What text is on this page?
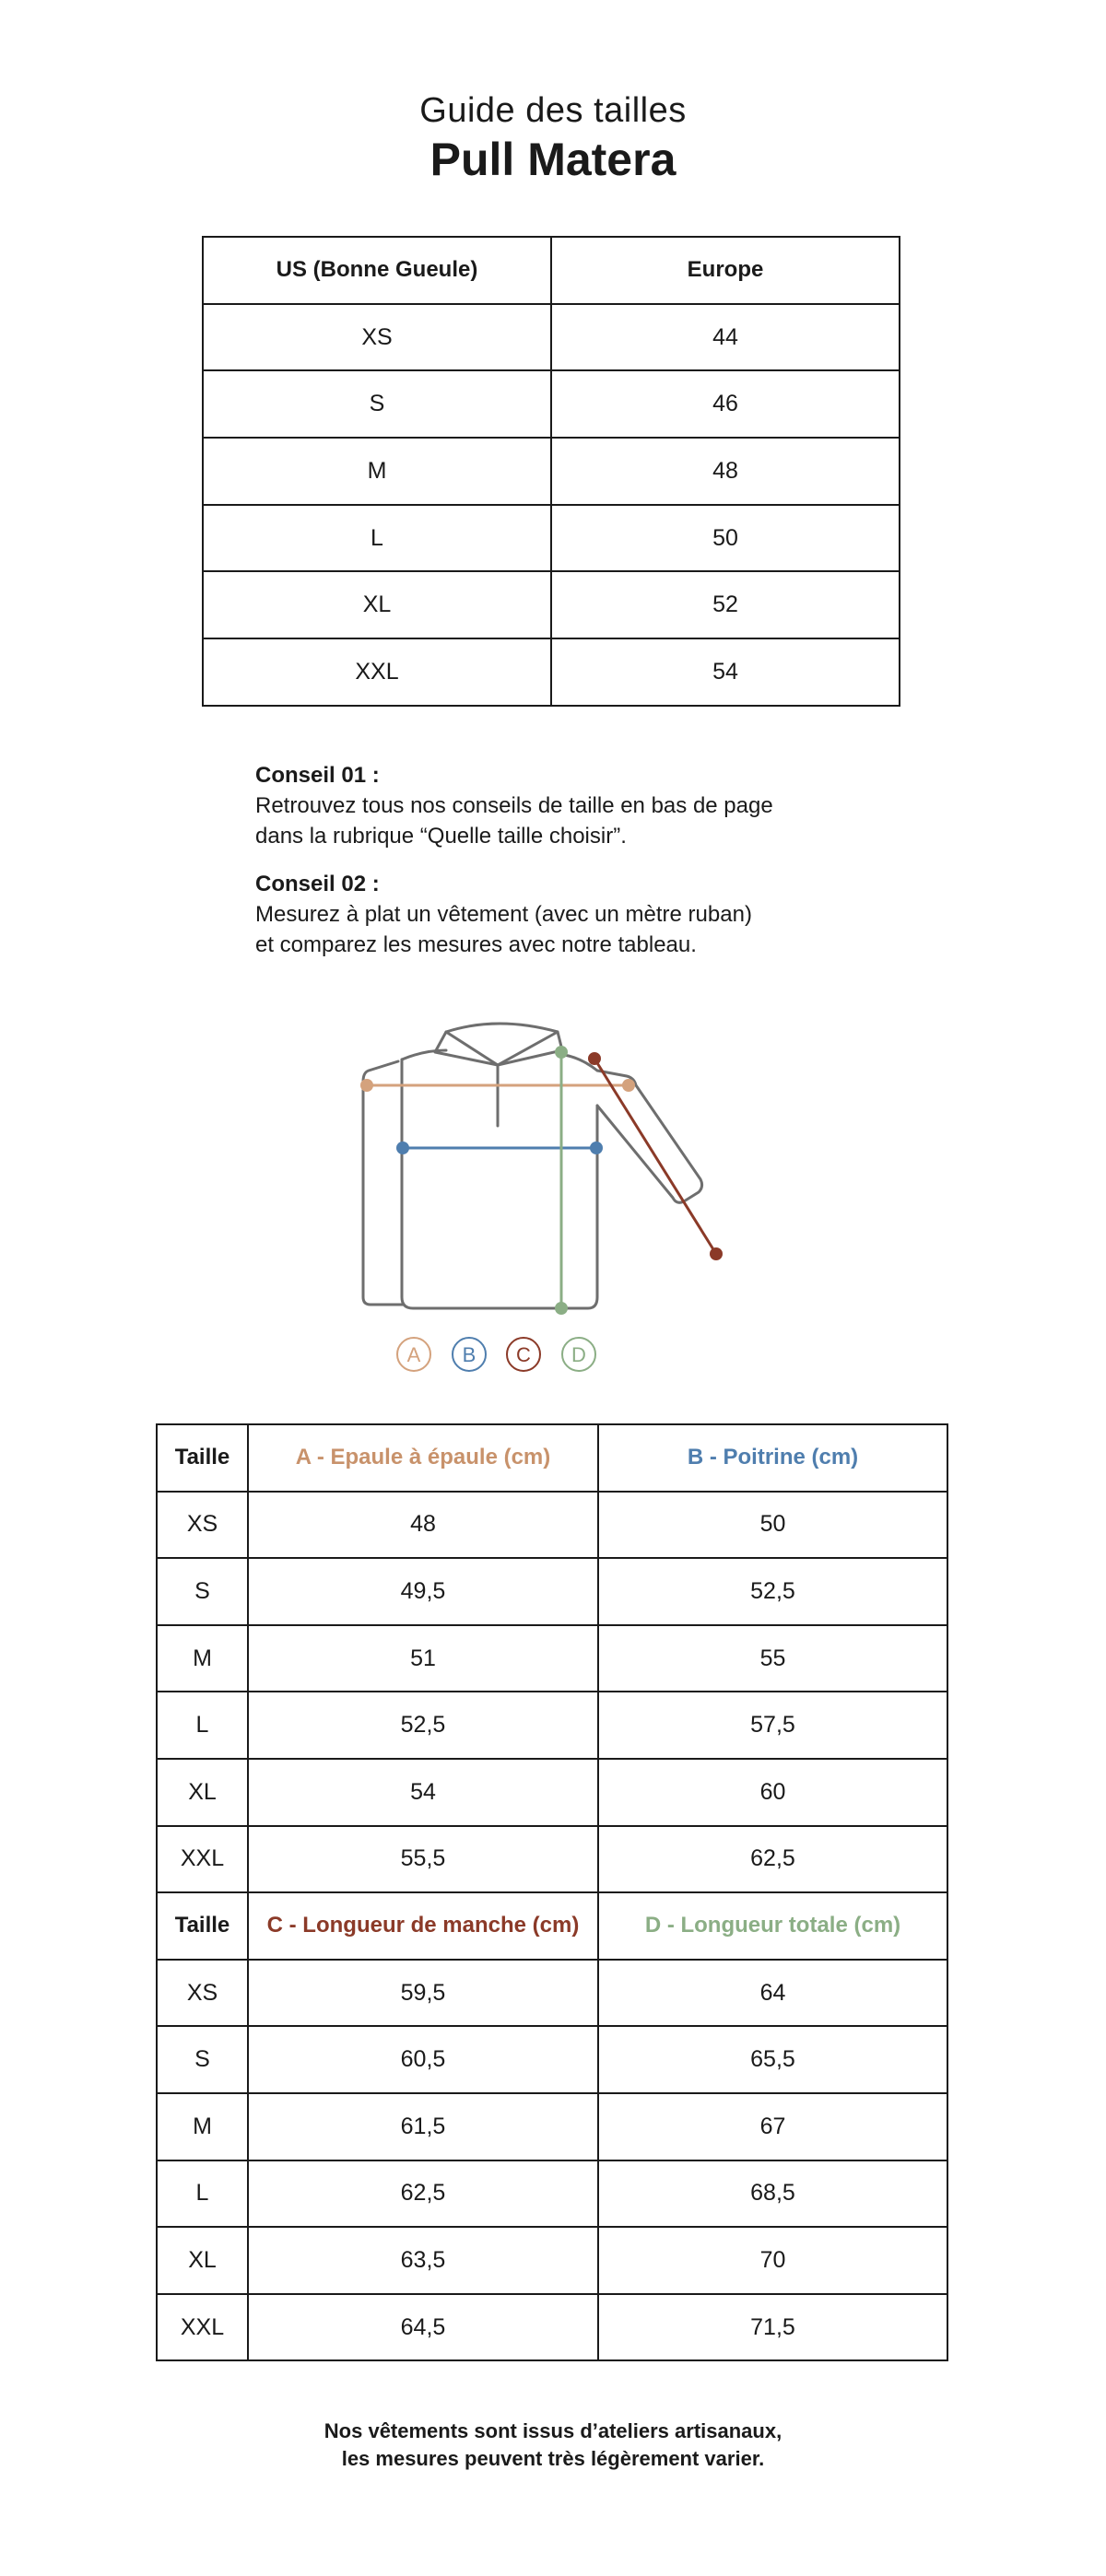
Guide des tailles
Pull Matera
US (Bonne Gueule)	Europe
XS	44
S	46
M	48
L	50
XL	52
XXL	54
Conseil 01 :
Retrouvez tous nos conseils de taille en bas de page
dans la rubrique “Quelle taille choisir”.
Conseil 02 :
Mesurez à plat un vêtement (avec un mètre ruban)
et comparez les mesures avec notre tableau.
A B C D
Taille	A - Epaule à épaule (cm)	B - Poitrine (cm)
XS	48	50
S	49,5	52,5
M	51	55
L	52,5	57,5
XL	54	60
XXL	55,5	62,5
Taille	C - Longueur de manche (cm)	D - Longueur totale (cm)
XS	59,5	64
S	60,5	65,5
M	61,5	67
L	62,5	68,5
XL	63,5	70
XXL	64,5	71,5
Nos vêtements sont issus d’ateliers artisanaux,
les mesures peuvent très légèrement varier.
